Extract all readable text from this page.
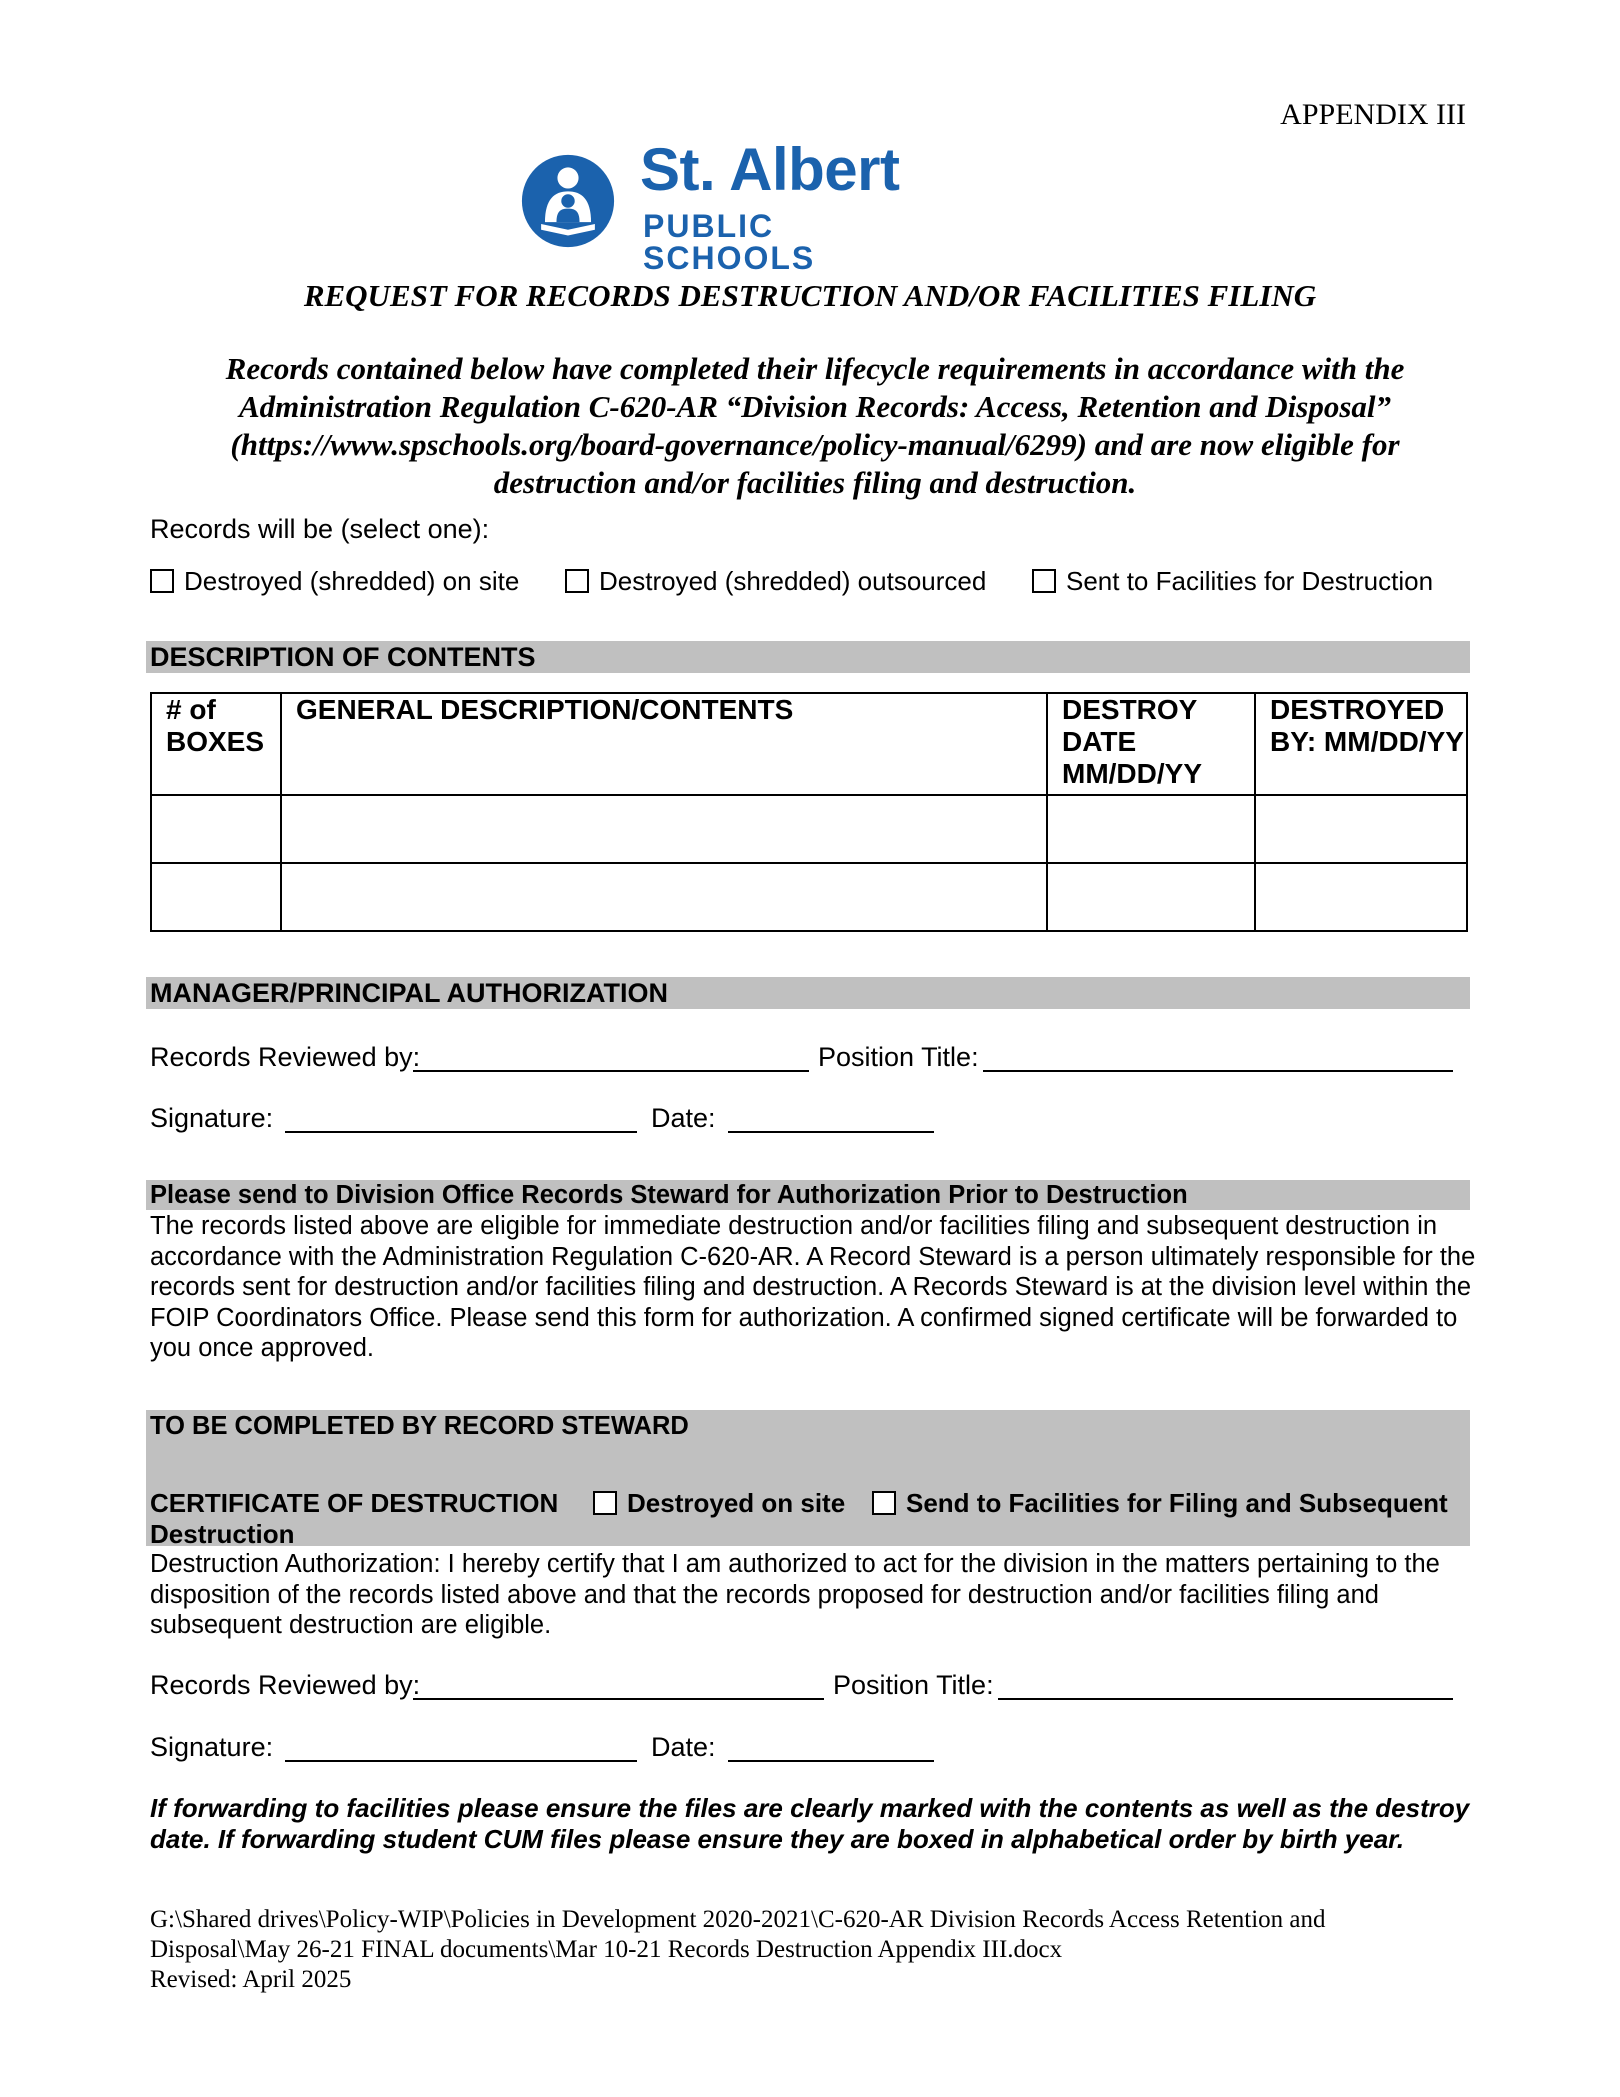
APPENDIX III
St. Albert
PUBLIC SCHOOLS
REQUEST FOR RECORDS DESTRUCTION AND/OR FACILITIES FILING
Records contained below have completed their lifecycle requirements in accordance with the Administration Regulation C-620-AR “Division Records: Access, Retention and Disposal” (https://www.spschools.org/board-governance/policy-manual/6299) and are now eligible for destruction and/or facilities filing and destruction.
Records will be (select one):
Destroyed (shredded) on site	Destroyed (shredded) outsourced	Sent to Facilities for Destruction
DESCRIPTION OF CONTENTS
# of BOXES	GENERAL DESCRIPTION/CONTENTS	DESTROY DATE MM/DD/YY	DESTROYED BY: MM/DD/YY

MANAGER/PRINCIPAL AUTHORIZATION
Records Reviewed by:	Position Title:
Signature:	Date:
Please send to Division Office Records Steward for Authorization Prior to Destruction
The records listed above are eligible for immediate destruction and/or facilities filing and subsequent destruction in accordance with the Administration Regulation C-620-AR. A Record Steward is a person ultimately responsible for the records sent for destruction and/or facilities filing and destruction. A Records Steward is at the division level within the FOIP Coordinators Office. Please send this form for authorization. A confirmed signed certificate will be forwarded to you once approved.
TO BE COMPLETED BY RECORD STEWARD
CERTIFICATE OF DESTRUCTION	Destroyed on site	Send to Facilities for Filing and Subsequent
Destruction
Destruction Authorization: I hereby certify that I am authorized to act for the division in the matters pertaining to the disposition of the records listed above and that the records proposed for destruction and/or facilities filing and subsequent destruction are eligible.
Records Reviewed by:	Position Title:
Signature:	Date:
If forwarding to facilities please ensure the files are clearly marked with the contents as well as the destroy date. If forwarding student CUM files please ensure they are boxed in alphabetical order by birth year.
G:\Shared drives\Policy-WIP\Policies in Development 2020-2021\C-620-AR Division Records Access Retention and Disposal\May 26-21 FINAL documents\Mar 10-21 Records Destruction Appendix III.docx
Revised: April 2025
